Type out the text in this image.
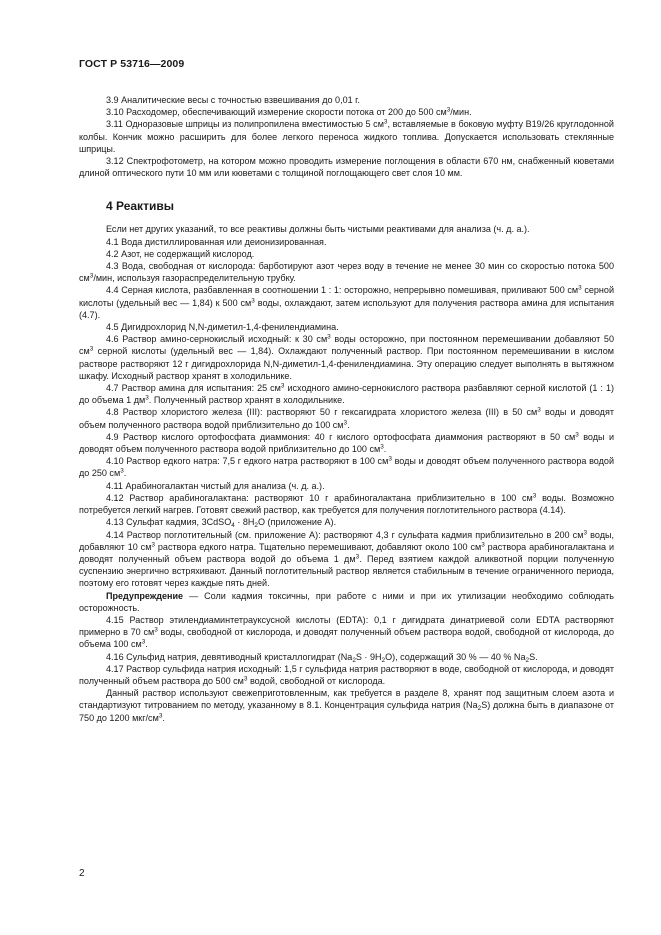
ГОСТ Р 53716—2009

3.9 Аналитические весы с точностью взвешивания до 0,01 г.

3.10 Расходомер, обеспечивающий измерение скорости потока от 200 до 500 $см^3$/мин.

3.11 Одноразовые шприцы из полипропилена вместимостью 5 $см^3$, вставляемые в боковую муфту В19/26 круглодонной колбы. Кончик можно расширить для более легкого переноса жидкого топлива. Допускается использовать стеклянные шприцы.

3.12 Спектрофотометр, на котором можно проводить измерение поглощения в области 670 нм, снабженный кюветами длиной оптического пути 10 мм или кюветами с толщиной поглощающего свет слоя 10 мм.

4 Реактивы

Если нет других указаний, то все реактивы должны быть чистыми реактивами для анализа (ч. д. а.).

4.1 Вода дистиллированная или деионизированная.

4.2 Азот, не содержащий кислород.

4.3 Вода, свободная от кислорода: барботируют азот через воду в течение не менее 30 мин со скоростью потока 500 $см^3$/мин, используя газораспределительную трубку.

4.4 Серная кислота, разбавленная в соотношении 1 : 1: осторожно, непрерывно помешивая, приливают 500 $см^3$ серной кислоты (удельный вес — 1,84) к 500 $см^3$ воды, охлаждают, затем используют для получения раствора амина для испытания (4.7).

4.5 Дигидрохлорид N,N-диметил-1,4-фенилендиамина.

4.6 Раствор амино-сернокислый исходный: к 30 $см^3$ воды осторожно, при постоянном перемешивании добавляют 50 $см^3$ серной кислоты (удельный вес — 1,84). Охлаждают полученный раствор. При постоянном перемешивании в кислом растворе растворяют 12 г дигидрохлорида N,N-диметил-1,4-фенилендиамина. Эту операцию следует выполнять в вытяжном шкафу. Исходный раствор хранят в холодильнике.

4.7 Раствор амина для испытания: 25 $см^3$ исходного амино-сернокислого раствора разбавляют серной кислотой (1 : 1) до объема 1 $дм^3$. Полученный раствор хранят в холодильнике.

4.8 Раствор хлористого железа (III): растворяют 50 г гексагидрата хлористого железа (III) в 50 $см^3$ воды и доводят объем полученного раствора водой приблизительно до 100 $см^3$.

4.9 Раствор кислого ортофосфата диаммония: 40 г кислого ортофосфата диаммония растворяют в 50 $см^3$ воды и доводят объем полученного раствора водой приблизительно до 100 $см^3$.

4.10 Раствор едкого натра: 7,5 г едкого натра растворяют в 100 $см^3$ воды и доводят объем полученного раствора водой до 250 $см^3$.

4.11 Арабиногалактан чистый для анализа (ч. д. а.).

4.12 Раствор арабиногалактана: растворяют 10 г арабиногалактана приблизительно в 100 $см^3$ воды. Возможно потребуется легкий нагрев. Готовят свежий раствор, как требуется для получения поглотительного раствора (4.14).

4.13 Сульфат кадмия, 3CdSO$_4$ · $8H_2O$ (приложение А).

4.14 Раствор поглотительный (см. приложение А): растворяют 4,3 г сульфата кадмия приблизительно в 200 $см^3$ воды, добавляют 10 $см^3$ раствора едкого натра. Тщательно перемешивают, добавляют около 100 $см^3$ раствора арабиногалактана и доводят полученный объем раствора водой до объема 1 $дм^3$. Перед взятием каждой аликвотной порции полученную суспензию энергично встряхивают. Данный поглотительный раствор является стабильным в течение ограниченного периода, поэтому его готовят через каждые пять дней.

Предупреждение — Соли кадмия токсичны, при работе с ними и при их утилизации необходимо соблюдать осторожность.

4.15 Раствор этилендиаминтетрауксусной кислоты (EDTA): 0,1 г дигидрата динатриевой соли EDTA растворяют примерно в 70 $см^3$ воды, свободной от кислорода, и доводят полученный объем раствора водой, свободной от кислорода, до объема 100 $см^3$.

4.16 Сульфид натрия, девятиводный кристаллогидрат $(Na_2S \cdot 9H_2O)$, содержащий 30 % — 40 % $Na_2S$.

4.17 Раствор сульфида натрия исходный: 1,5 г сульфида натрия растворяют в воде, свободной от кислорода, и доводят полученный объем раствора до 500 $см^3$ водой, свободной от кислорода.

Данный раствор используют свежеприготовленным, как требуется в разделе 8, хранят под защитным слоем азота и стандартизуют титрованием по методу, указанному в 8.1. Концентрация сульфида натрия $(Na_2S)$ должна быть в диапазоне от 750 до 1200 мкг/$см^3$.

2
